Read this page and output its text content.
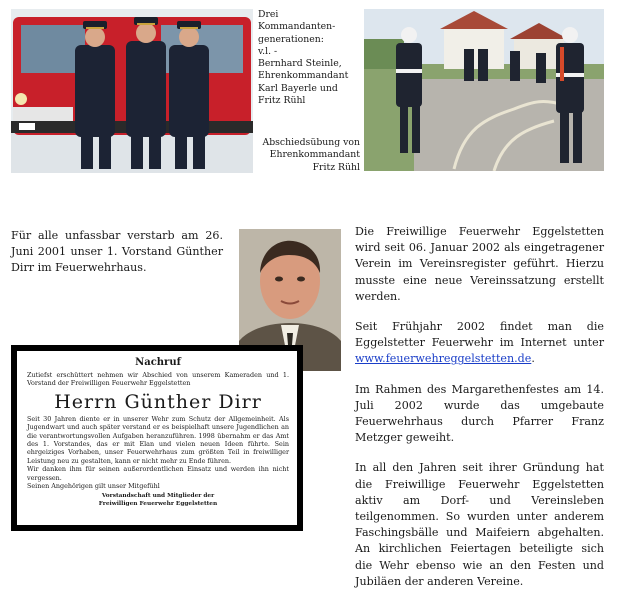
Drei
Kommandanten-
generationen:
v.l. -
Bernhard Steinle,
Ehrenkommandant
Karl Bayerle und
Fritz Rühl
Abschiedsübung von
Ehrenkommandant
Fritz Rühl
Für alle unfassbar verstarb am 26. Juni 2001 unser 1. Vorstand Günther Dirr im Feuerwehrhaus.

Die Freiwillige Feuerwehr Eggelstetten wird seit 06. Januar 2002 als eingetragener Verein im Vereinsregister geführt. Hierzu musste eine neue Vereinssatzung erstellt werden.

Seit Frühjahr 2002 findet man die Eggelstetter Feuerwehr im Internet unter www.feuerwehreggelstetten.de.

Im Rahmen des Margarethenfestes am 14. Juli 2002 wurde das umgebaute Feuerwehrhaus durch Pfarrer Franz Metzger geweiht.

In all den Jahren seit ihrer Gründung hat die Freiwillige Feuerwehr Eggelstetten aktiv am Dorf- und Vereinsleben teilgenommen. So wurden unter anderem Faschingsbälle und Maifeiern abgehalten. An kirchlichen Feiertagen beteiligte sich die Wehr ebenso wie an den Festen und Jubiläen der anderen Vereine.

Nachruf
Zutiefst erschüttert nehmen wir Abschied von unserem Kameraden und 1. Vorstand der Freiwilligen Feuerwehr Eggelstetten
Herrn Günther Dirr
Seit 30 Jahren diente er in unserer Wehr zum Schutz der Allgemeinheit. Als Jugendwart und auch später verstand er es beispielhaft unsere Jugendlichen an die verantwortungsvollen Aufgaben heranzuführen. 1998 übernahm er das Amt des 1. Vorstandes, das er mit Elan und vielen neuen Ideen führte. Sein ehrgeiziges Vorhaben, unser Feuerwehrhaus zum größten Teil in freiwilliger Leistung neu zu gestalten, kann er nicht mehr zu Ende führen.
Wir danken ihm für seinen außerordentlichen Einsatz und werden ihn nicht vergessen.
Seinen Angehörigen gilt unser Mitgefühl
Vorstandschaft und Mitglieder der
Freiwilligen Feuerwehr Eggelstetten
